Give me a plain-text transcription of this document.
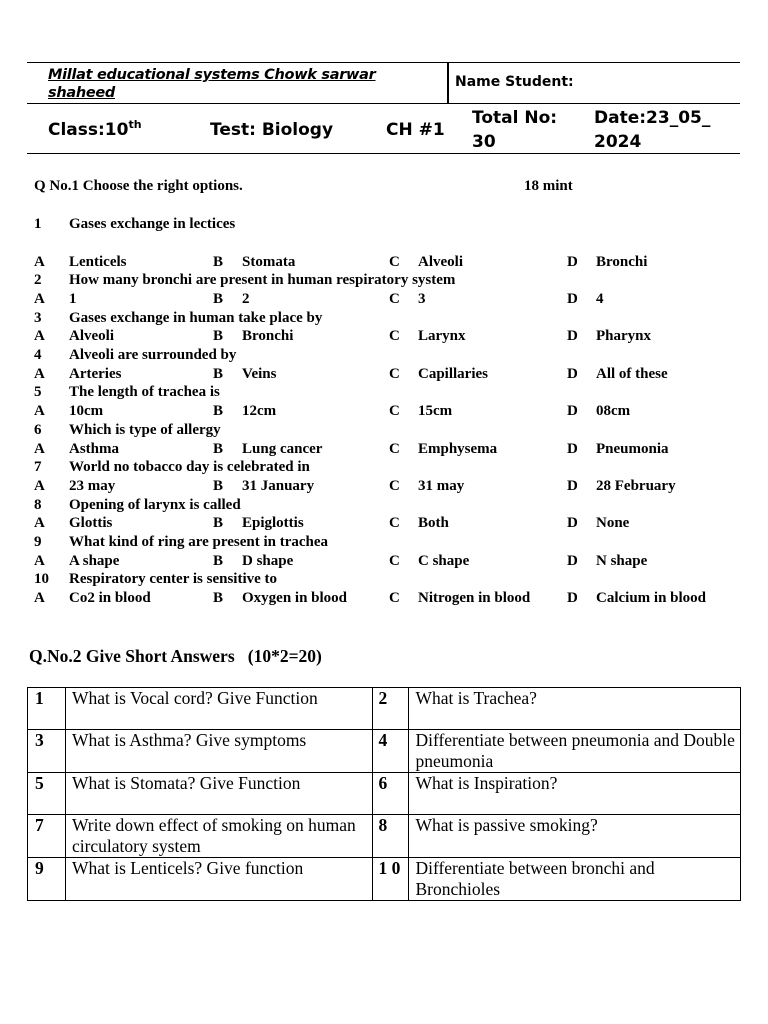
Millat educational systems Chowk sarwar shaheed
Name Student:
Class:10th	Test: Biology	CH #1
Total No:
30
Date:23_05_
2024
Q No.1 Choose the right options.	18 mint
1 Gases exchange in lectices
A Lenticels	B Stomata	C Alveoli	D Bronchi
2 How many bronchi are present in human respiratory system
A 1	B 2	C 3	D 4
3 Gases exchange in human take place by
A Alveoli	B Bronchi	C Larynx	D Pharynx
4 Alveoli are surrounded by
A Arteries	B Veins	C Capillaries	D All of these
5 The length of trachea is
A 10cm	B 12cm	C 15cm	D 08cm
6 Which is type of allergy
A Asthma	B Lung cancer	C Emphysema	D Pneumonia
7 World no tobacco day is celebrated in
A 23 may	B 31 January	C 31 may	D 28 February
8 Opening of larynx is called
A Glottis	B Epiglottis	C Both	D None
9 What kind of ring are present in trachea
A A shape	B D shape	C C shape	D N shape
10 Respiratory center is sensitive to
A Co2 in blood	B Oxygen in blood	C Nitrogen in blood	D Calcium in blood
Q.No.2 Give Short Answers (10*2=20)
1	What is Vocal cord? Give Function	2	What is Trachea?
3	What is Asthma? Give symptoms	4	Differentiate between pneumonia and Double pneumonia
5	What is Stomata? Give Function	6	What is Inspiration?
7	Write down effect of smoking on human circulatory system	8	What is passive smoking?
9	What is Lenticels? Give function	1 0	Differentiate between bronchi and Bronchioles
